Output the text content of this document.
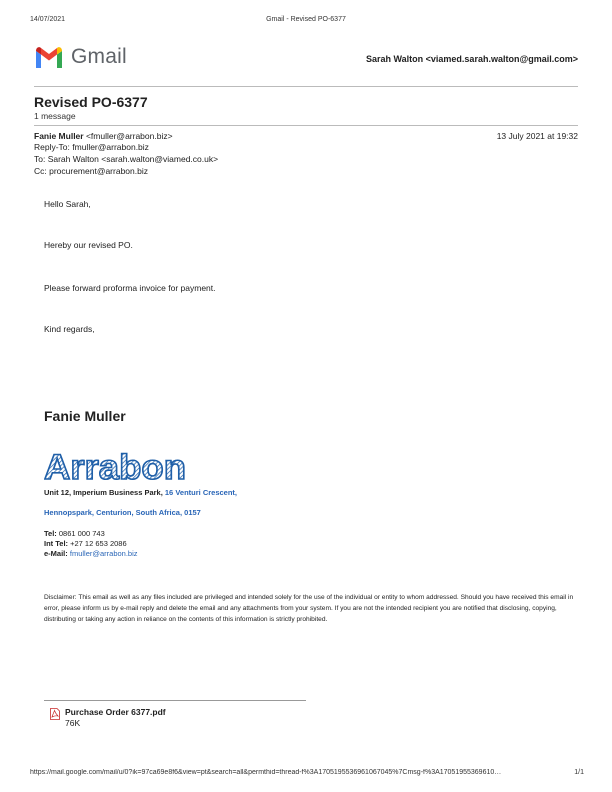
14/07/2021	Gmail - Revised PO-6377
Gmail	Sarah Walton <viamed.sarah.walton@gmail.com>
Revised PO-6377
1 message
Fanie Muller <fmuller@arrabon.biz>	13 July 2021 at 19:32
Reply-To: fmuller@arrabon.biz
To: Sarah Walton <sarah.walton@viamed.co.uk>
Cc: procurement@arrabon.biz
Hello Sarah,
Hereby our revised PO.
Please forward proforma invoice for payment.
Kind regards,
Fanie Muller
Arrabon
Unit 12, Imperium Business Park, 16 Venturi Crescent,
Hennopspark, Centurion, South Africa, 0157
Tel: 0861 000 743
Int Tel: +27 12 653 2086
e-Mail: fmuller@arrabon.biz
Disclaimer: This email as well as any files included are privileged and intended solely for the use of the individual or entity to whom addressed. Should you have received this email in error, please inform us by e-mail reply and delete the email and any attachments from your system. If you are not the intended recipient you are notified that disclosing, copying, distributing or taking any action in reliance on the contents of this information is strictly prohibited.
Purchase Order 6377.pdf
76K
https://mail.google.com/mail/u/0?ik=97ca69e8f6&view=pt&search=all&permthid=thread-f%3A1705195536961067045%7Cmsg-f%3A17051955369610…	1/1
